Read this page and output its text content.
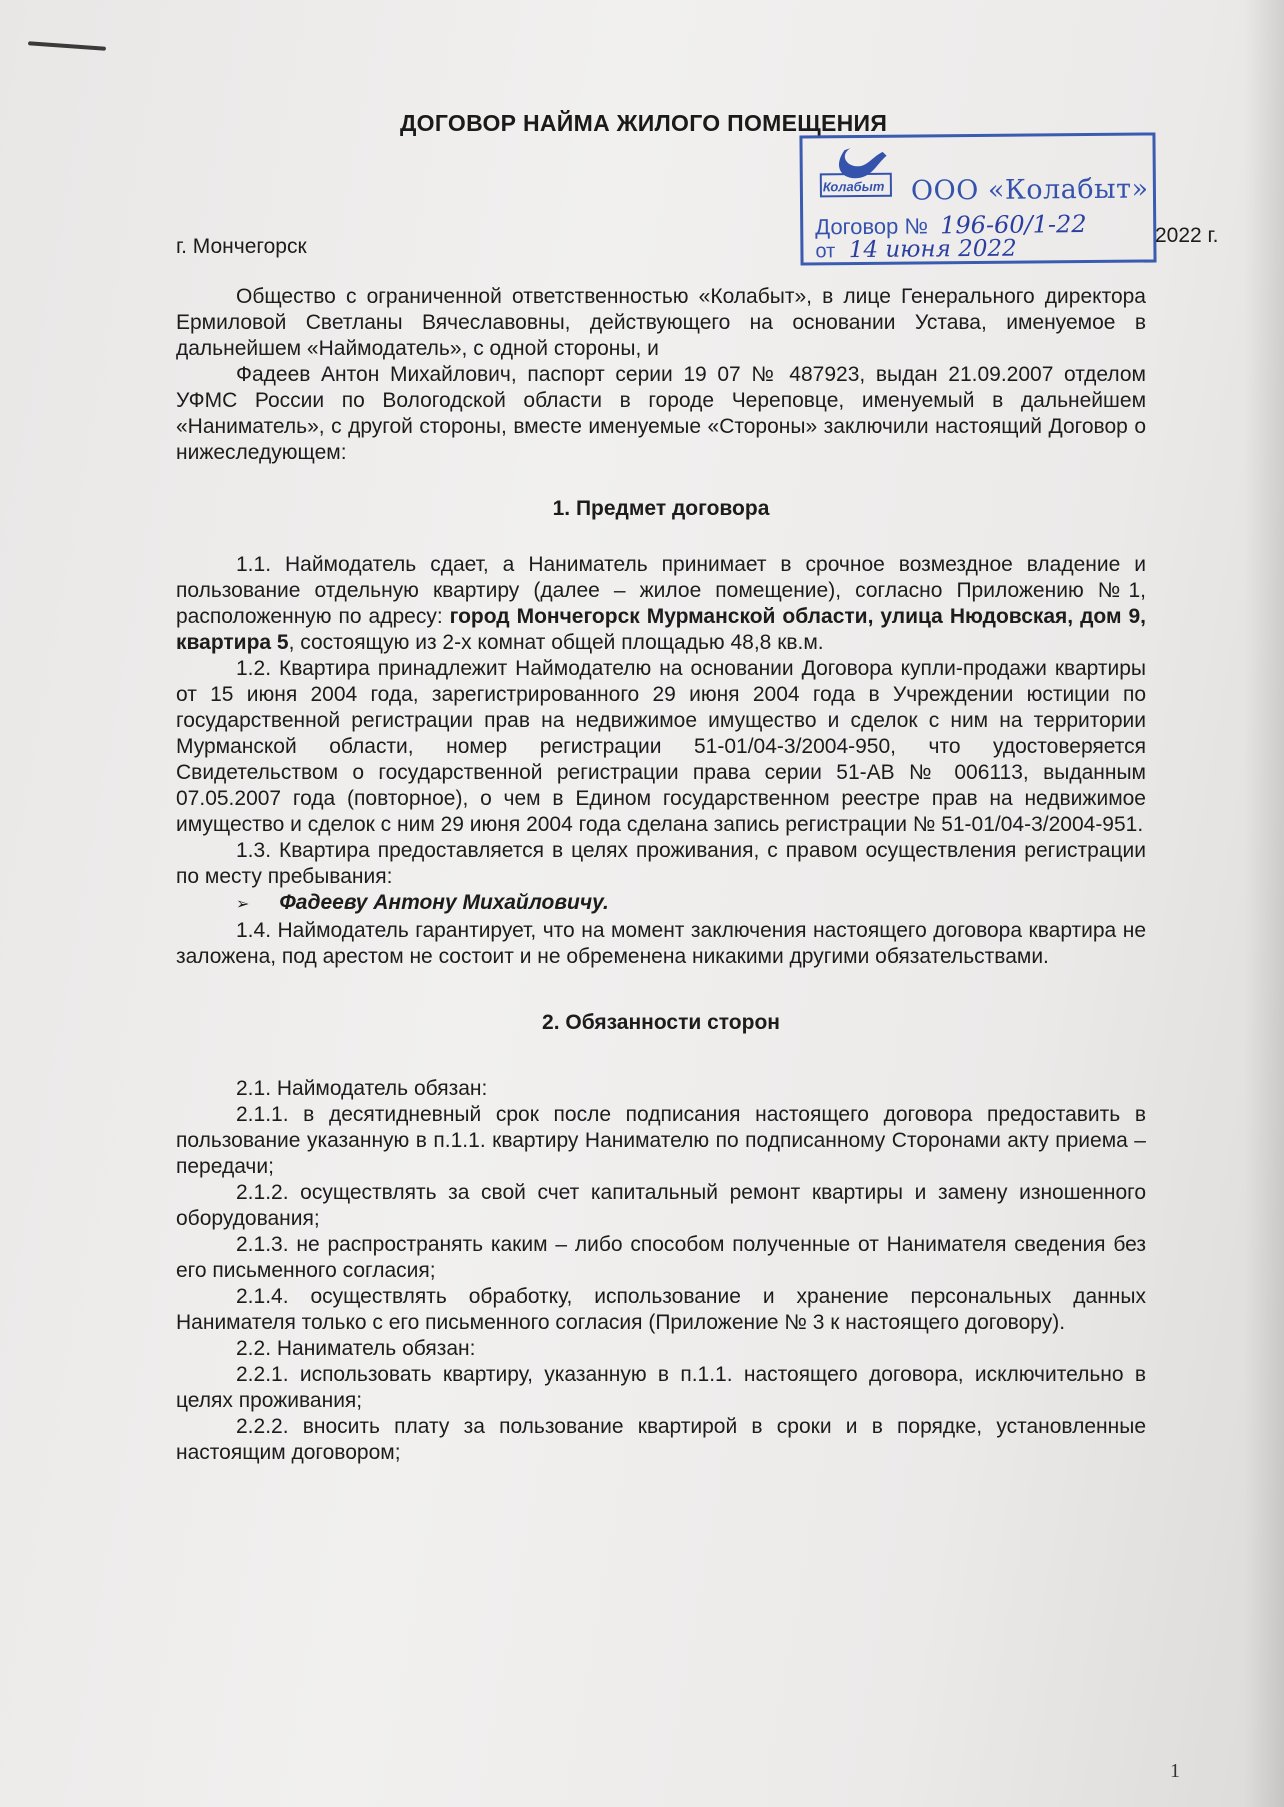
ДОГОВОР НАЙМА ЖИЛОГО ПОМЕЩЕНИЯ
Колабыт ООО «Колабыт»
Договор № 196-60/1-22
от 14 июня 2022
г. Мончегорск	2022 г.

Общество с ограниченной ответственностью «Колабыт», в лице Генерального директора Ермиловой Светланы Вячеславовны, действующего на основании Устава, именуемое в дальнейшем «Наймодатель», с одной стороны, и

Фадеев Антон Михайлович, паспорт серии 19 07 № 487923, выдан 21.09.2007 отделом УФМС России по Вологодской области в городе Череповце, именуемый в дальнейшем «Наниматель», с другой стороны, вместе именуемые «Стороны» заключили настоящий Договор о нижеследующем:

1. Предмет договора

1.1. Наймодатель сдает, а Наниматель принимает в срочное возмездное владение и пользование отдельную квартиру (далее – жилое помещение), согласно Приложению №1, расположенную по адресу: город Мончегорск Мурманской области, улица Нюдовская, дом 9, квартира 5, состоящую из 2-х комнат общей площадью 48,8 кв.м.

1.2. Квартира принадлежит Наймодателю на основании Договора купли-продажи квартиры от 15 июня 2004 года, зарегистрированного 29 июня 2004 года в Учреждении юстиции по государственной регистрации прав на недвижимое имущество и сделок с ним на территории Мурманской области, номер регистрации 51-01/04-3/2004-950, что удостоверяется Свидетельством о государственной регистрации права серии 51-АВ № 006113, выданным 07.05.2007 года (повторное), о чем в Едином государственном реестре прав на недвижимое имущество и сделок с ним 29 июня 2004 года сделана запись регистрации № 51-01/04-3/2004-951.

1.3. Квартира предоставляется в целях проживания, с правом осуществления регистрации по месту пребывания:

➢ Фадееву Антону Михайловичу.

1.4. Наймодатель гарантирует, что на момент заключения настоящего договора квартира не заложена, под арестом не состоит и не обременена никакими другими обязательствами.

2. Обязанности сторон

2.1. Наймодатель обязан:

2.1.1. в десятидневный срок после подписания настоящего договора предоставить в пользование указанную в п.1.1. квартиру Нанимателю по подписанному Сторонами акту приема – передачи;

2.1.2. осуществлять за свой счет капитальный ремонт квартиры и замену изношенного оборудования;

2.1.3. не распространять каким – либо способом полученные от Нанимателя сведения без его письменного согласия;

2.1.4. осуществлять обработку, использование и хранение персональных данных Нанимателя только с его письменного согласия (Приложение № 3 к настоящего договору).

2.2. Наниматель обязан:

2.2.1. использовать квартиру, указанную в п.1.1. настоящего договора, исключительно в целях проживания;

2.2.2. вносить плату за пользование квартирой в сроки и в порядке, установленные настоящим договором;

1
